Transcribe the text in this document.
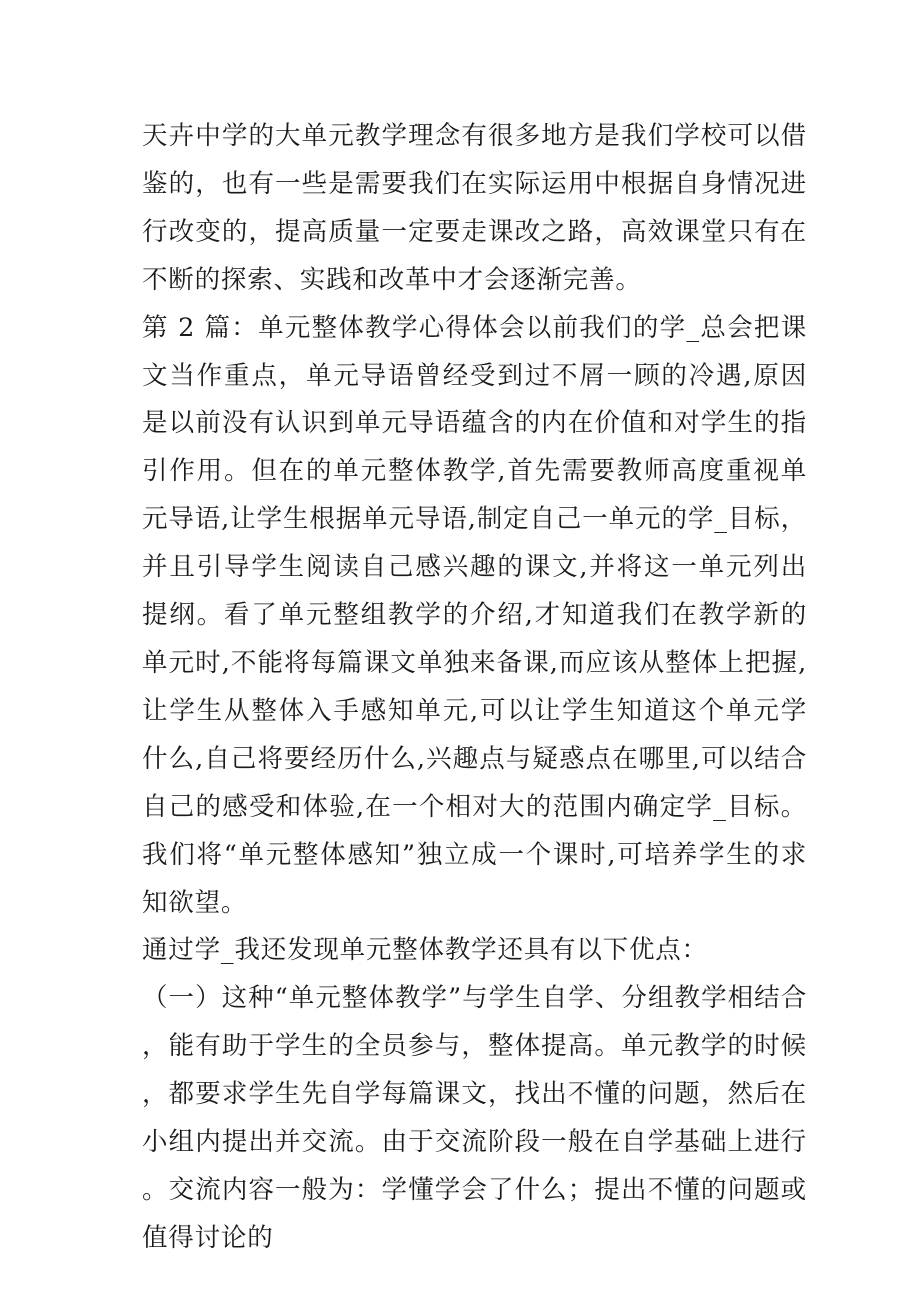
天卉中学的大单元教学理念有很多地方是我们学校可以借鉴的，也有一些是需要我们在实际运用中根据自身情况进行改变的，提高质量一定要走课改之路，高效课堂只有在不断的探索、实践和改革中才会逐渐完善。

第 2 篇：单元整体教学心得体会以前我们的学_总会把课文当作重点，单元导语曾经受到过不屑一顾的冷遇,原因是以前没有认识到单元导语蕴含的内在价值和对学生的指引作用。但在的单元整体教学,首先需要教师高度重视单元导语,让学生根据单元导语,制定自己一单元的学_目标，并且引导学生阅读自己感兴趣的课文,并将这一单元列出提纲。看了单元整组教学的介绍,才知道我们在教学新的单元时,不能将每篇课文单独来备课,而应该从整体上把握,让学生从整体入手感知单元,可以让学生知道这个单元学什么,自己将要经历什么,兴趣点与疑惑点在哪里,可以结合自己的感受和体验,在一个相对大的范围内确定学_目标。我们将“单元整体感知”独立成一个课时,可培养学生的求知欲望。

通过学_我还发现单元整体教学还具有以下优点：

（一）这种“单元整体教学”与学生自学、分组教学相结合，能有助于学生的全员参与，整体提高。单元教学的时候，都要求学生先自学每篇课文，找出不懂的问题，然后在小组内提出并交流。由于交流阶段一般在自学基础上进行。交流内容一般为：学懂学会了什么；提出不懂的问题或值得讨论的
